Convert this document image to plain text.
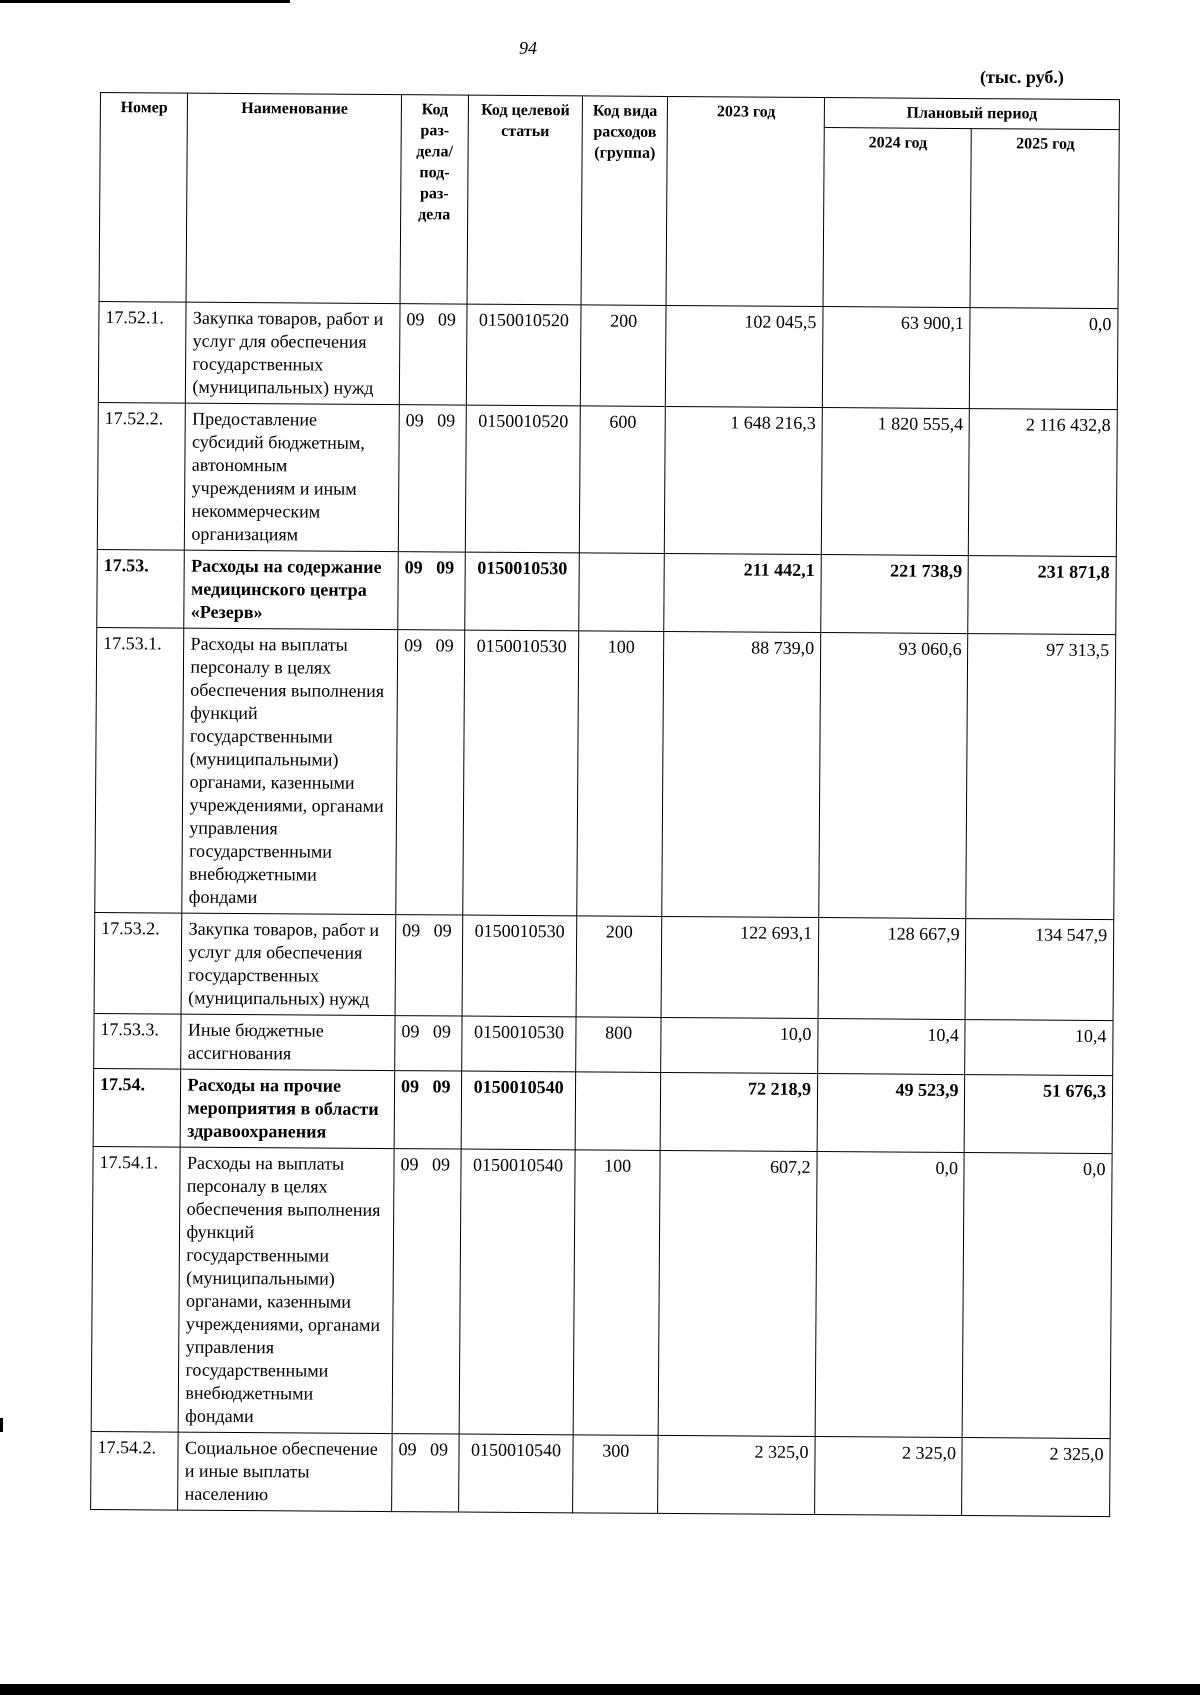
94
(тыс. руб.)
Номер	Наименование	Код раз-дела/ под-раз-дела	Код целевой статьи	Код вида расходов (группа)	2023 год	Плановый период	
						2024 год	2025 год
17.52.1.	Закупка товаров, работ и услуг для обеспечения государственных (муниципальных) нужд	09   09	0150010520	200	102 045,5	63 900,1	0,0
17.52.2.	Предоставление субсидий бюджетным, автономным учреждениям и иным некоммерческим организациям	09   09	0150010520	600	1 648 216,3	1 820 555,4	2 116 432,8
17.53.	Расходы на содержание медицинского центра «Резерв»	09   09	0150010530		211 442,1	221 738,9	231 871,8
17.53.1.	Расходы на выплаты персоналу в целях обеспечения выполнения функций государственными (муниципальными) органами, казенными учреждениями, органами управления государственными внебюджетными фондами	09   09	0150010530	100	88 739,0	93 060,6	97 313,5
17.53.2.	Закупка товаров, работ и услуг для обеспечения государственных (муниципальных) нужд	09   09	0150010530	200	122 693,1	128 667,9	134 547,9
17.53.3.	Иные бюджетные ассигнования	09   09	0150010530	800	10,0	10,4	10,4
17.54.	Расходы на прочие мероприятия в области здравоохранения	09   09	0150010540		72 218,9	49 523,9	51 676,3
17.54.1.	Расходы на выплаты персоналу в целях обеспечения выполнения функций государственными (муниципальными) органами, казенными учреждениями, органами управления государственными внебюджетными фондами	09   09	0150010540	100	607,2	0,0	0,0
17.54.2.	Социальное обеспечение и иные выплаты населению	09   09	0150010540	300	2 325,0	2 325,0	2 325,0
